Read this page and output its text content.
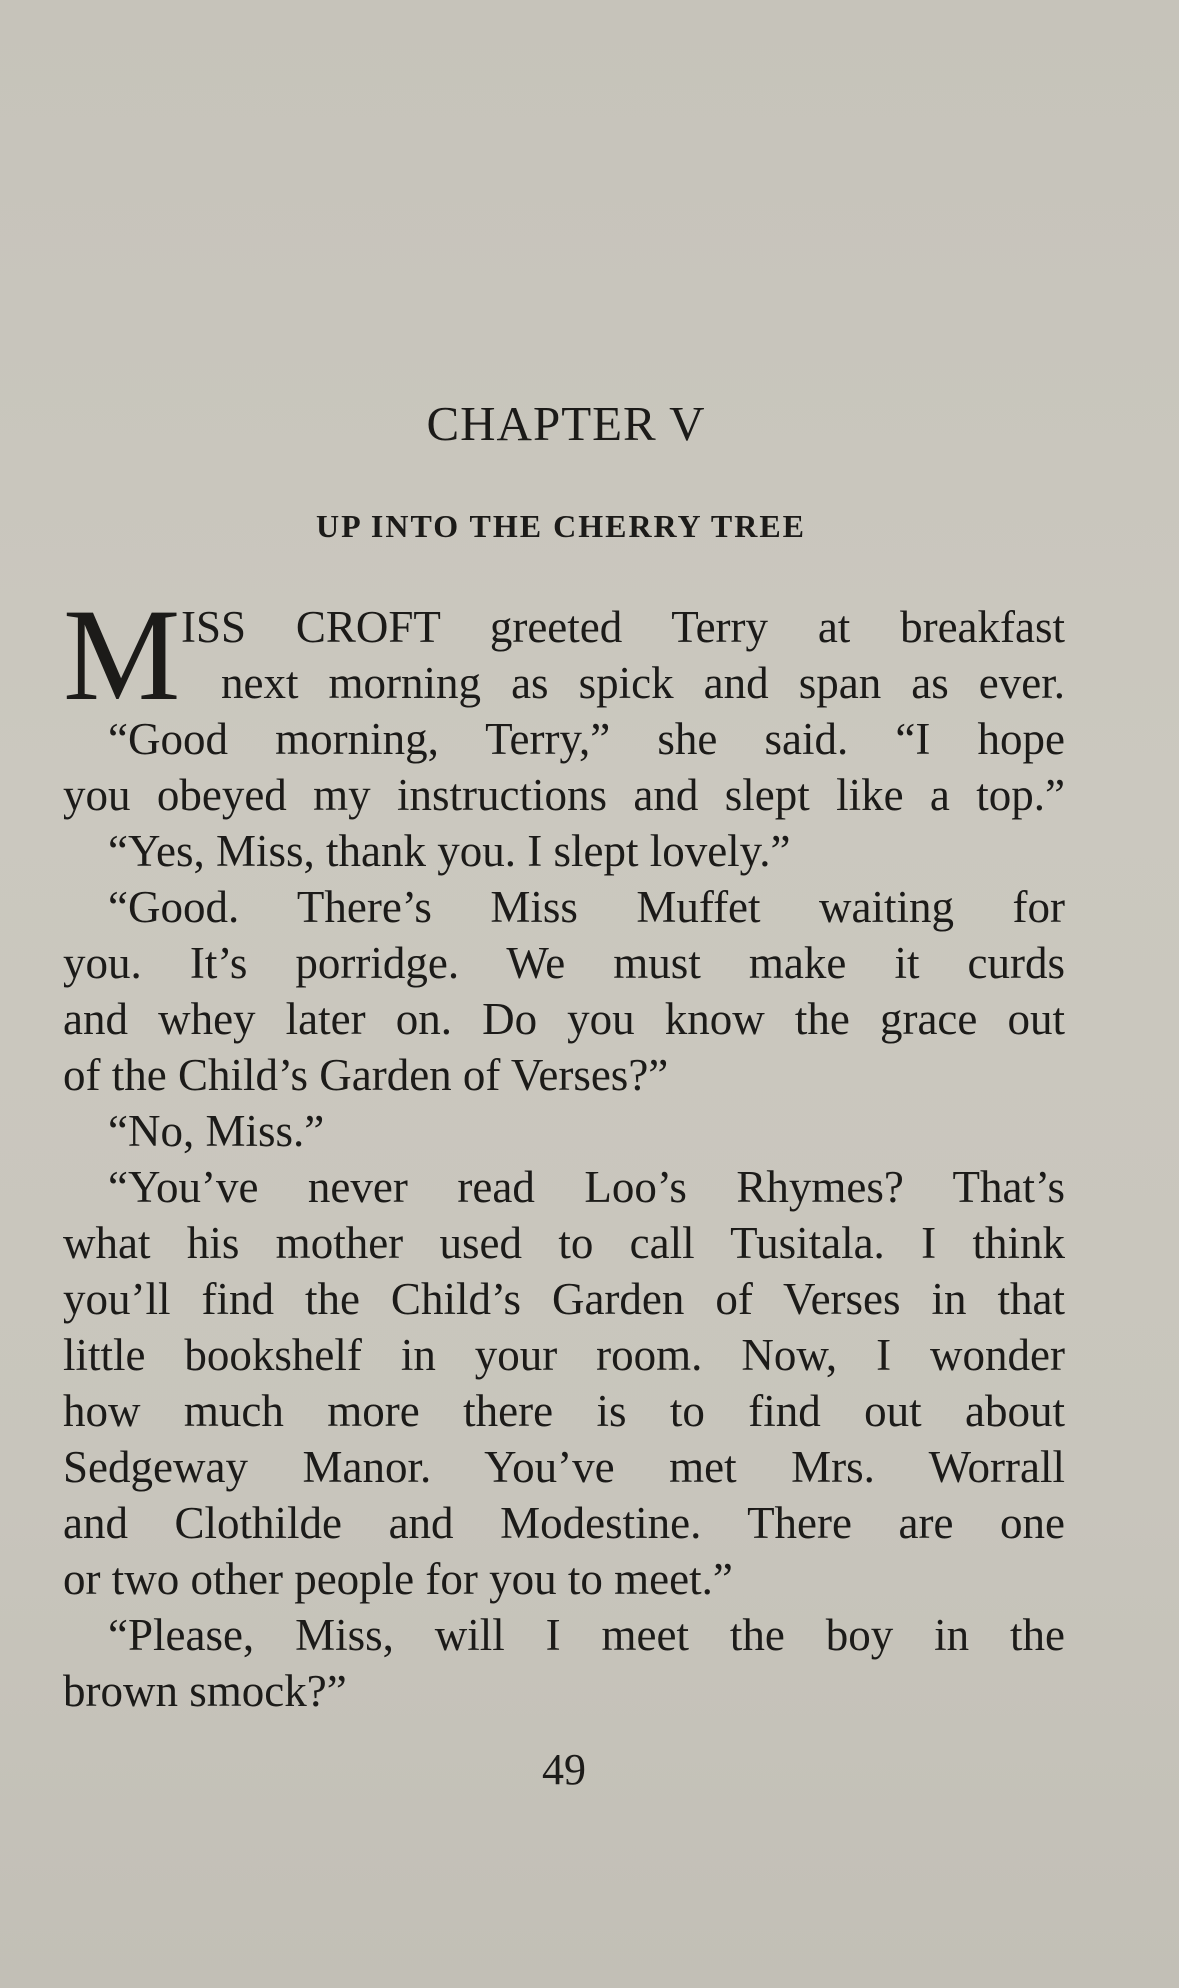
CHAPTER V
UP INTO THE CHERRY TREE
M ISS CROFT greeted Terry at breakfast
next morning as spick and span as ever.
“Good morning, Terry,” she said. “I hope
you obeyed my instructions and slept like a top.”
“Yes, Miss, thank you. I slept lovely.”
“Good. There’s Miss Muffet waiting for
you. It’s porridge. We must make it curds
and whey later on. Do you know the grace out
of the Child’s Garden of Verses?”
“No, Miss.”
“You’ve never read Loo’s Rhymes? That’s
what his mother used to call Tusitala. I think
you’ll find the Child’s Garden of Verses in that
little bookshelf in your room. Now, I wonder
how much more there is to find out about
Sedgeway Manor. You’ve met Mrs. Worrall
and Clothilde and Modestine. There are one
or two other people for you to meet.”
“Please, Miss, will I meet the boy in the
brown smock?”
49
